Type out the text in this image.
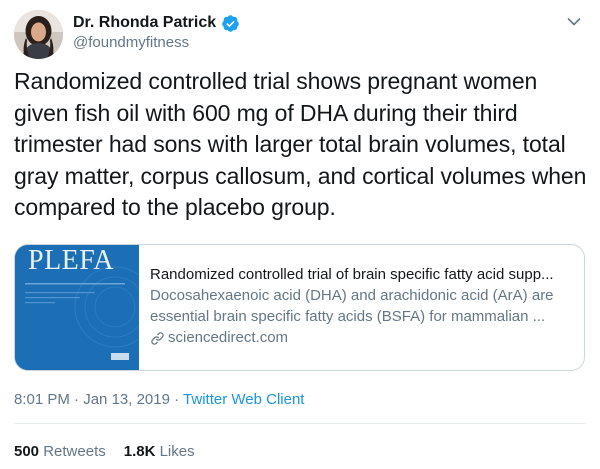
Dr. Rhonda Patrick
@foundmyfitness
Randomized controlled trial shows pregnant women given fish oil with 600 mg of DHA during their third trimester had sons with larger total brain volumes, total gray matter, corpus callosum, and cortical volumes when compared to the placebo group.
PLEFA Randomized controlled trial of brain specific fatty acid supp...
Docosahexaenoic acid (DHA) and arachidonic acid (ArA) are essential brain specific fatty acids (BSFA) for mammalian ...
sciencedirect.com
8:01 PM · Jan 13, 2019 · Twitter Web Client
500 Retweets 1.8K Likes
